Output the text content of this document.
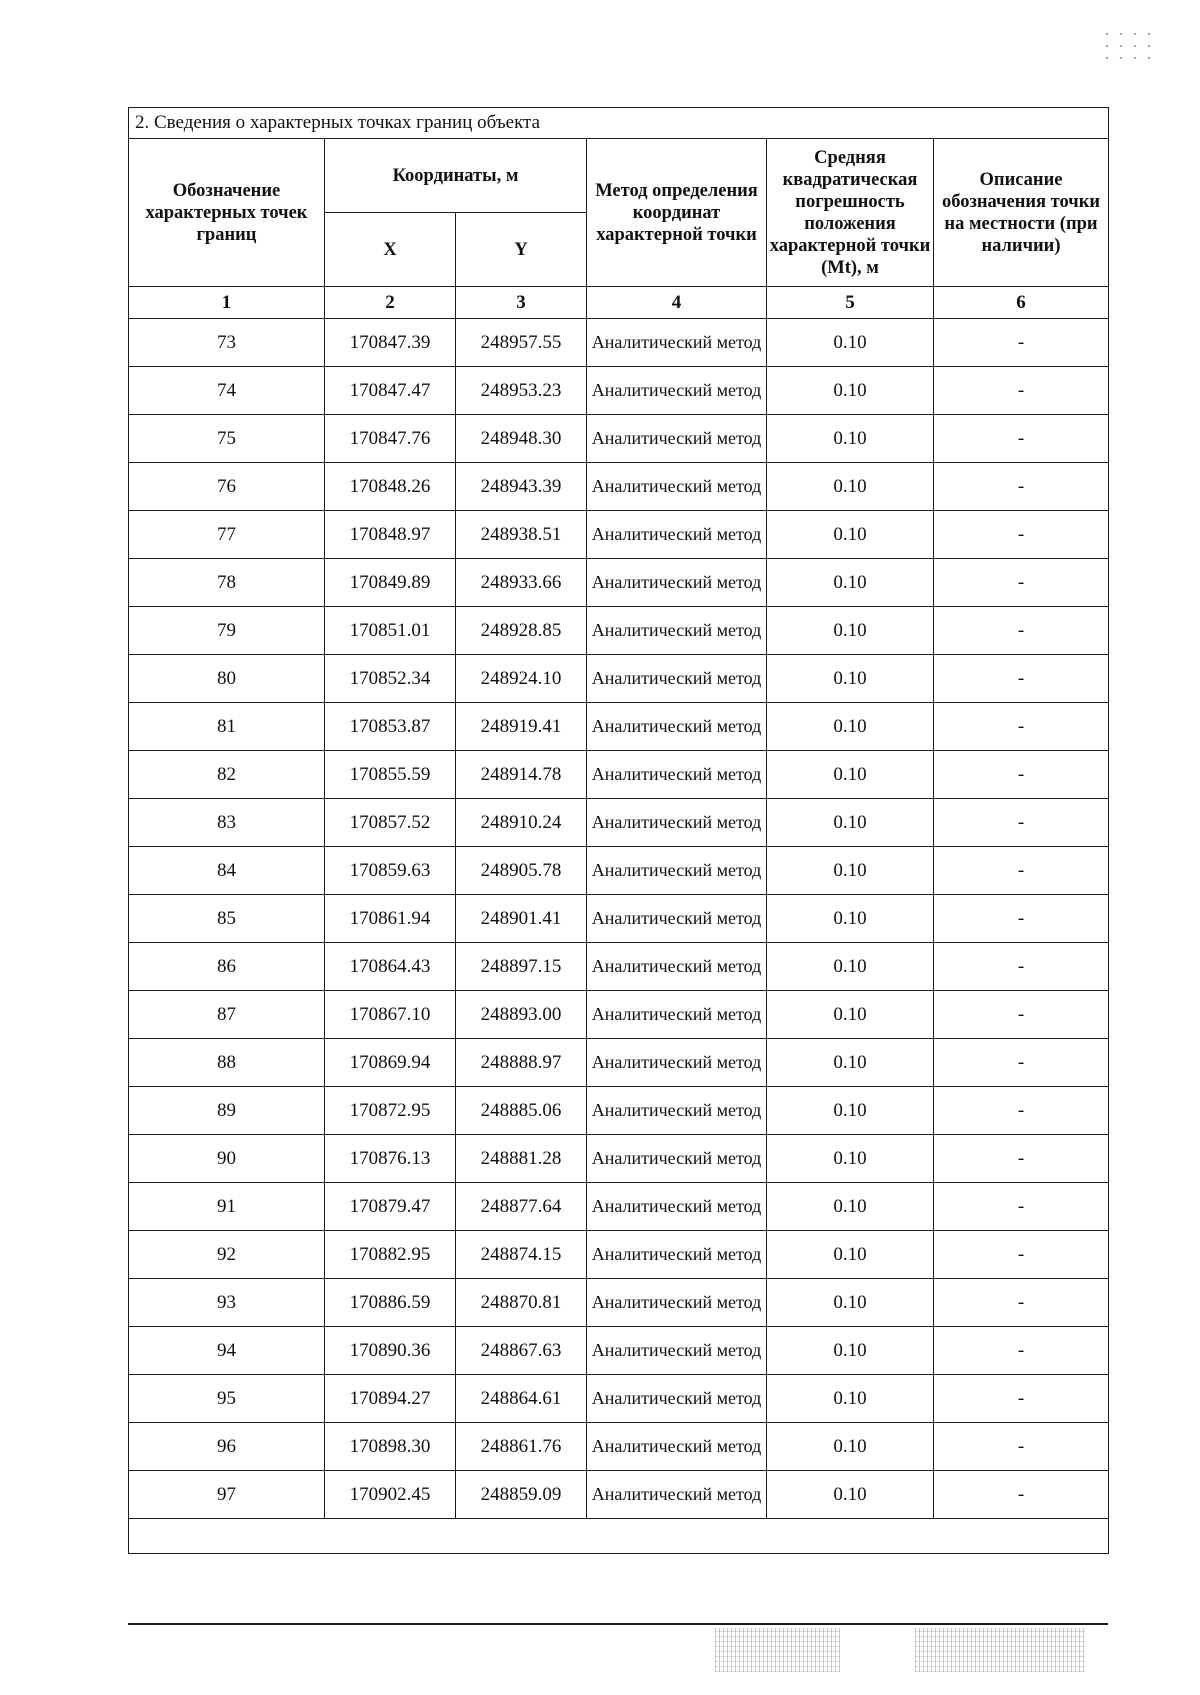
2. Сведения о характерных точках границ объекта					
Обозначение характерных точек границ	Координаты, м		Метод определения координат характерной точки	Средняя квадратическая погрешность положения характерной точки (Mt), м	Описание обозначения точки на местности (при наличии)
	X	Y			
1	2	3	4	5	6
73	170847.39	248957.55	Аналитический метод	0.10	-
74	170847.47	248953.23	Аналитический метод	0.10	-
75	170847.76	248948.30	Аналитический метод	0.10	-
76	170848.26	248943.39	Аналитический метод	0.10	-
77	170848.97	248938.51	Аналитический метод	0.10	-
78	170849.89	248933.66	Аналитический метод	0.10	-
79	170851.01	248928.85	Аналитический метод	0.10	-
80	170852.34	248924.10	Аналитический метод	0.10	-
81	170853.87	248919.41	Аналитический метод	0.10	-
82	170855.59	248914.78	Аналитический метод	0.10	-
83	170857.52	248910.24	Аналитический метод	0.10	-
84	170859.63	248905.78	Аналитический метод	0.10	-
85	170861.94	248901.41	Аналитический метод	0.10	-
86	170864.43	248897.15	Аналитический метод	0.10	-
87	170867.10	248893.00	Аналитический метод	0.10	-
88	170869.94	248888.97	Аналитический метод	0.10	-
89	170872.95	248885.06	Аналитический метод	0.10	-
90	170876.13	248881.28	Аналитический метод	0.10	-
91	170879.47	248877.64	Аналитический метод	0.10	-
92	170882.95	248874.15	Аналитический метод	0.10	-
93	170886.59	248870.81	Аналитический метод	0.10	-
94	170890.36	248867.63	Аналитический метод	0.10	-
95	170894.27	248864.61	Аналитический метод	0.10	-
96	170898.30	248861.76	Аналитический метод	0.10	-
97	170902.45	248859.09	Аналитический метод	0.10	-
